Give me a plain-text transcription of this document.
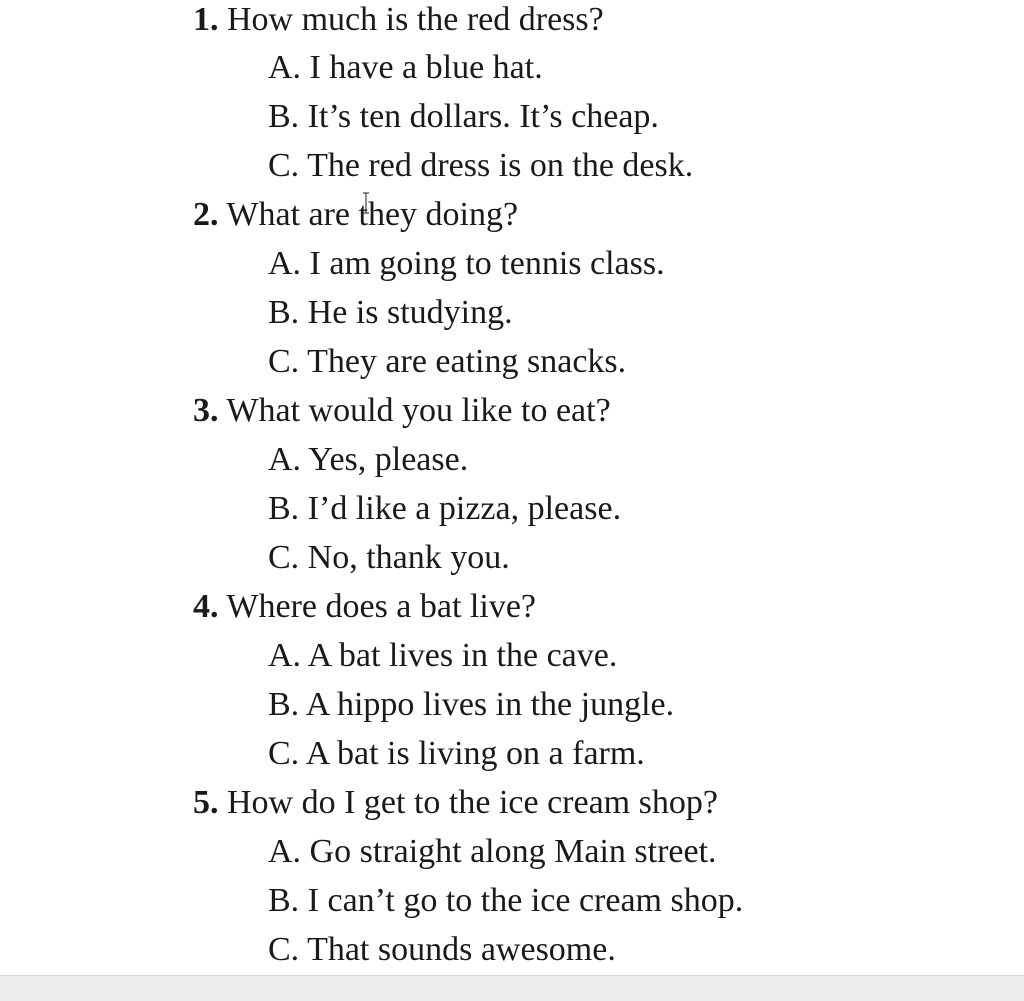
1. How much is the red dress?
A. I have a blue hat.
B. It’s ten dollars. It’s cheap.
C. The red dress is on the desk.
2. What are they doing?
A. I am going to tennis class.
B. He is studying.
C. They are eating snacks.
3. What would you like to eat?
A. Yes, please.
B. I’d like a pizza, please.
C. No, thank you.
4. Where does a bat live?
A. A bat lives in the cave.
B. A hippo lives in the jungle.
C. A bat is living on a farm.
5. How do I get to the ice cream shop?
A. Go straight along Main street.
B. I can’t go to the ice cream shop.
C. That sounds awesome.
